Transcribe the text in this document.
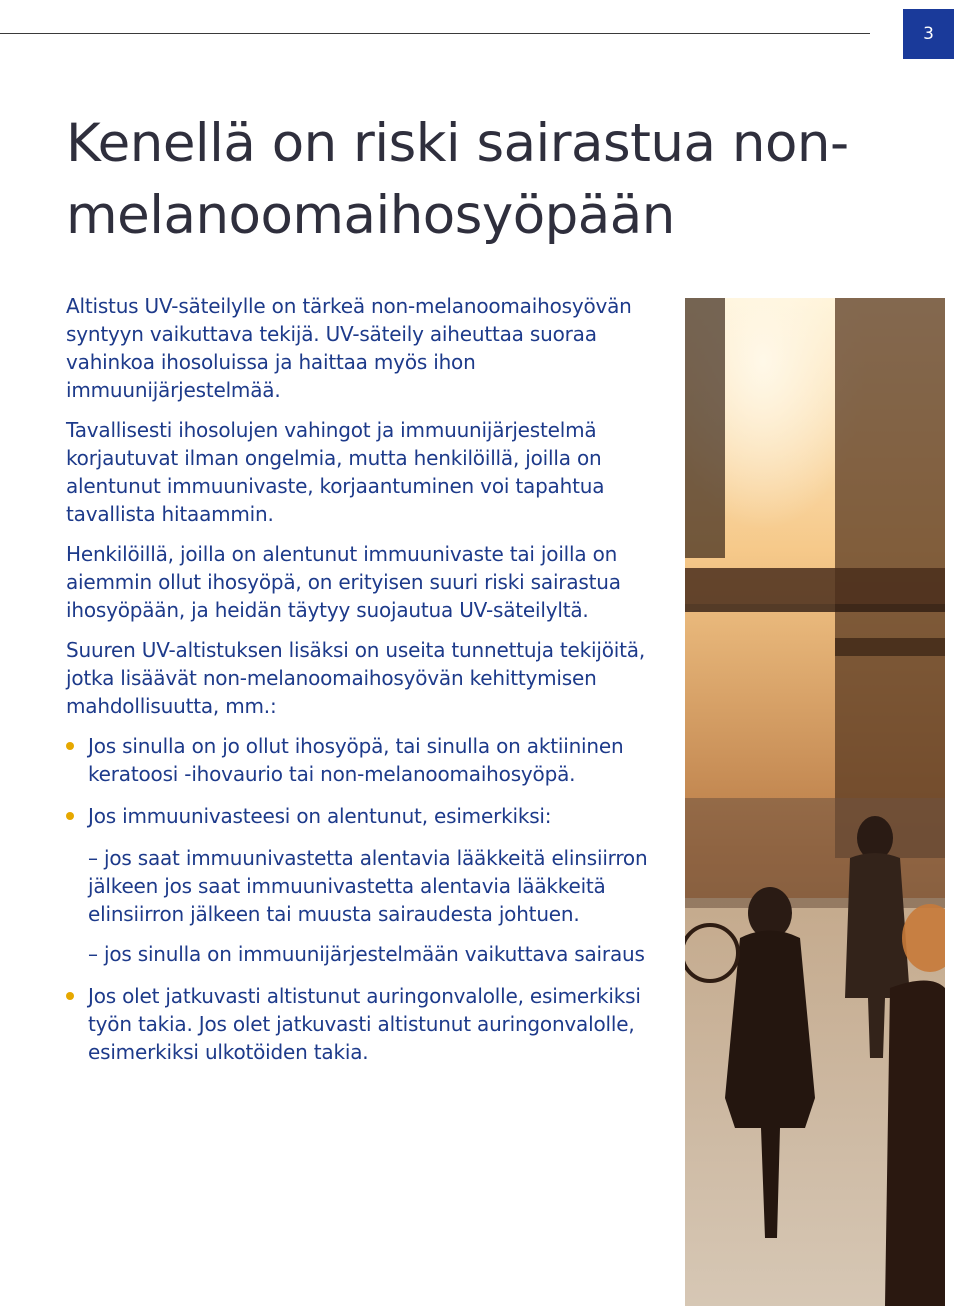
3
Kenellä on riski sairastua non-melanoomaihosyöpään

Altistus UV-säteilylle on tärkeä non-melanoomaihosyövän syntyyn vaikuttava tekijä. UV-säteily aiheuttaa suoraa vahinkoa ihosoluissa ja haittaa myös ihon immuunijärjestelmää.

Tavallisesti ihosolujen vahingot ja immuunijärjestelmä korjautuvat ilman ongelmia, mutta henkilöillä, joilla on alentunut immuunivaste, korjaantuminen voi tapahtua tavallista hitaammin.

Henkilöillä, joilla on alentunut immuunivaste tai joilla on aiemmin ollut ihosyöpä, on erityisen suuri riski sairastua ihosyöpään, ja heidän täytyy suojautua UV-säteilyltä.

Suuren UV-altistuksen lisäksi on useita tunnettuja tekijöitä, jotka lisäävät non-melanoomaihosyövän kehittymisen mahdollisuutta, mm.:

Jos sinulla on jo ollut ihosyöpä, tai sinulla on aktiininen keratoosi -ihovaurio tai non-melanoomaihosyöpä.
Jos immuunivasteesi on alentunut, esimerkiksi:
– jos saat immuunivastetta alentavia lääkkeitä elinsiirron jälkeen jos saat immuunivastetta alentavia lääkkeitä elinsiirron jälkeen tai muusta sairaudesta johtuen.
– jos sinulla on immuunijärjestelmään vaikuttava sairaus
Jos olet jatkuvasti altistunut auringonvalolle, esimerkiksi työn takia. Jos olet jatkuvasti altistunut auringonvalolle, esimerkiksi ulkotöiden takia.
